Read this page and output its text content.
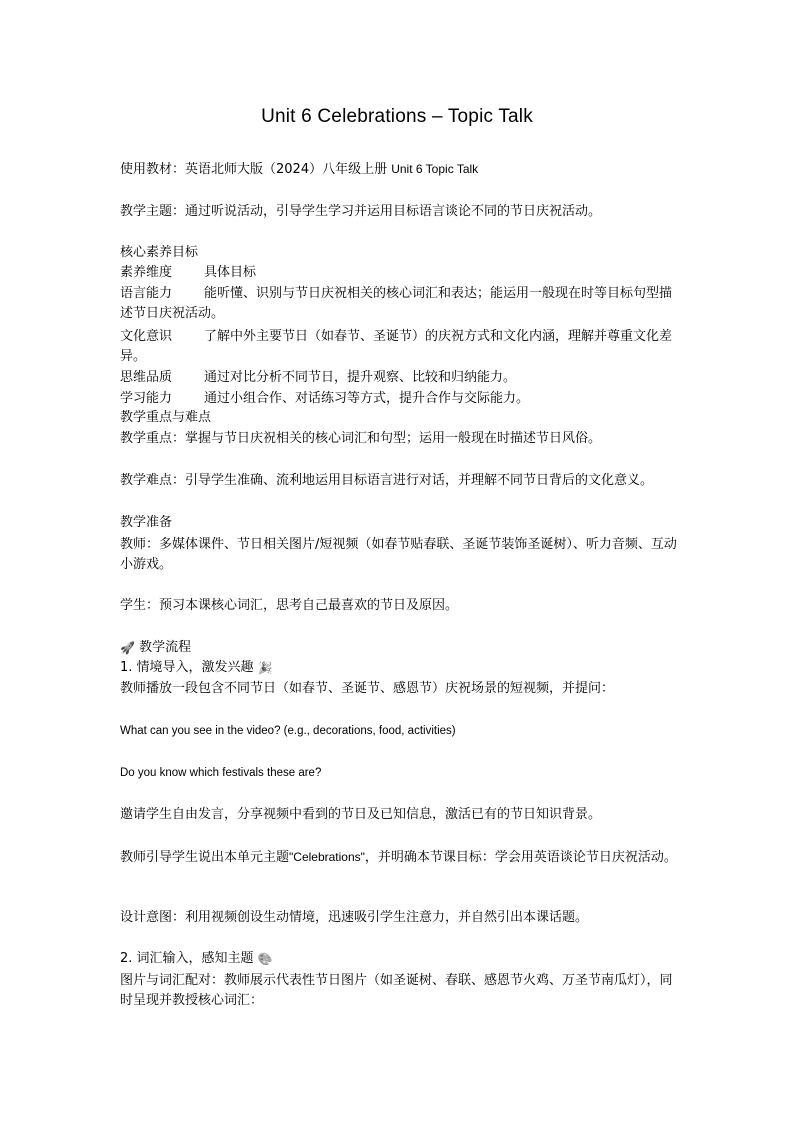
Unit 6 Celebrations – Topic Talk
使用教材：英语北师大版（2024）八年级上册 Unit 6 Topic Talk
教学主题：通过听说活动，引导学生学习并运用目标语言谈论不同的节日庆祝活动。
核心素养目标
素养维度 具体目标
语言能力 能听懂、识别与节日庆祝相关的核心词汇和表达；能运用一般现在时等目标句型描述节日庆祝活动。
文化意识 了解中外主要节日（如春节、圣诞节）的庆祝方式和文化内涵，理解并尊重文化差异。
思维品质 通过对比分析不同节日，提升观察、比较和归纳能力。
学习能力 通过小组合作、对话练习等方式，提升合作与交际能力。
教学重点与难点
教学重点：掌握与节日庆祝相关的核心词汇和句型；运用一般现在时描述节日风俗。
教学难点：引导学生准确、流利地运用目标语言进行对话，并理解不同节日背后的文化意义。
教学准备
教师：多媒体课件、节日相关图片/短视频（如春节贴春联、圣诞节装饰圣诞树）、听力音频、互动小游戏。
学生：预习本课核心词汇，思考自己最喜欢的节日及原因。
🚀 教学流程
1. 情境导入，激发兴趣 🎉
教师播放一段包含不同节日（如春节、圣诞节、感恩节）庆祝场景的短视频，并提问：
What can you see in the video? (e.g., decorations, food, activities)
Do you know which festivals these are?
邀请学生自由发言，分享视频中看到的节日及已知信息，激活已有的节日知识背景。
教师引导学生说出本单元主题"Celebrations"，并明确本节课目标：学会用英语谈论节日庆祝活动。
设计意图：利用视频创设生动情境，迅速吸引学生注意力，并自然引出本课话题。
2. 词汇输入，感知主题 🎨
图片与词汇配对：教师展示代表性节日图片（如圣诞树、春联、感恩节火鸡、万圣节南瓜灯），同时呈现并教授核心词汇：
